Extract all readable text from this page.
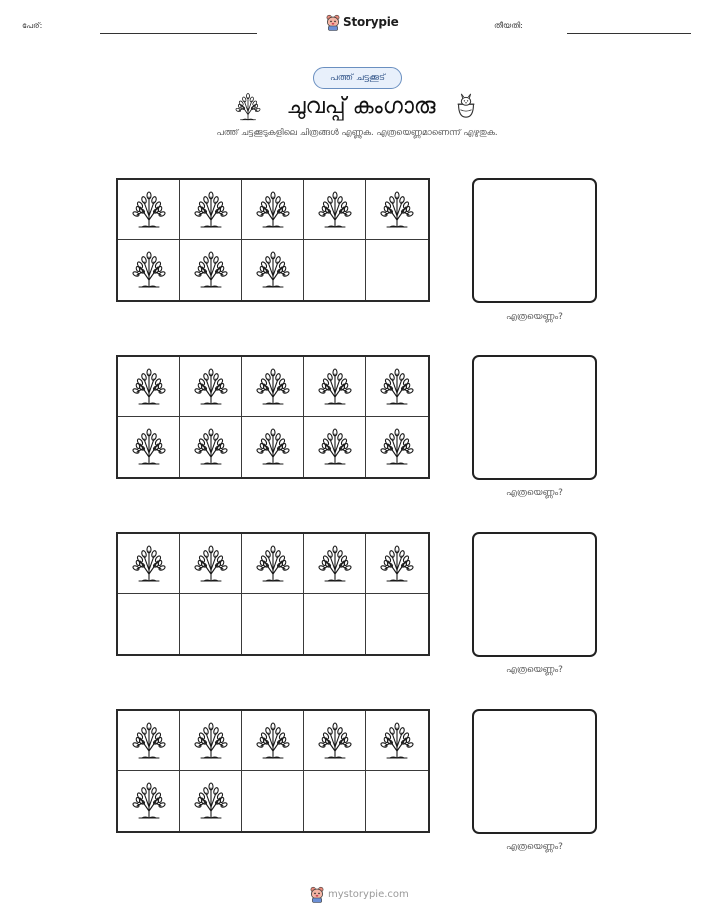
പേര്:	Storypie	തീയതി:
പത്ത് ചട്ടക്കൂട്
ചുവപ്പ് കംഗാരു
പത്ത് ചട്ടക്കൂടുകളിലെ ചിത്രങ്ങൾ എണ്ണുക. എത്രയെണ്ണമാണെന്ന് എഴുതുക.
എത്രയെണ്ണം?
എത്രയെണ്ണം?
എത്രയെണ്ണം?
എത്രയെണ്ണം?
mystorypie.com
